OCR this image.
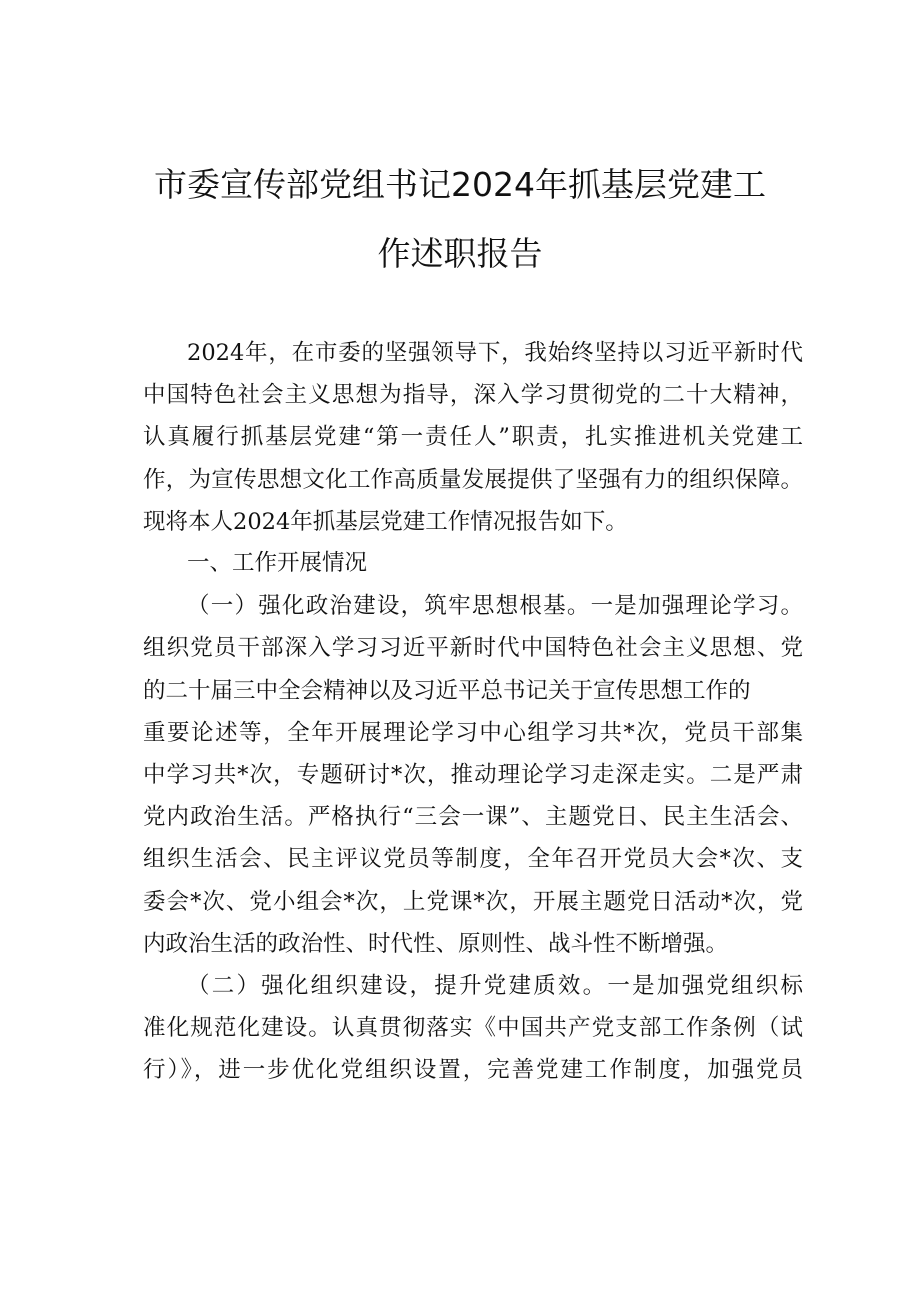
市委宣传部党组书记2024年抓基层党建工
作述职报告
2024年，在市委的坚强领导下，我始终坚持以习近平新时代
中国特色社会主义思想为指导，深入学习贯彻党的二十大精神，
认真履行抓基层党建“第一责任人”职责，扎实推进机关党建工
作，为宣传思想文化工作高质量发展提供了坚强有力的组织保障。
现将本人2024年抓基层党建工作情况报告如下。
一、工作开展情况
（一）强化政治建设，筑牢思想根基。一是加强理论学习。
组织党员干部深入学习习近平新时代中国特色社会主义思想、党
的二十届三中全会精神以及习近平总书记关于宣传思想工作的
重要论述等，全年开展理论学习中心组学习共*次，党员干部集
中学习共*次，专题研讨*次，推动理论学习走深走实。二是严肃
党内政治生活。严格执行“三会一课”、主题党日、民主生活会、
组织生活会、民主评议党员等制度，全年召开党员大会*次、支
委会*次、党小组会*次，上党课*次，开展主题党日活动*次，党
内政治生活的政治性、时代性、原则性、战斗性不断增强。
（二）强化组织建设，提升党建质效。一是加强党组织标
准化规范化建设。认真贯彻落实《中国共产党支部工作条例（试
行）》，进一步优化党组织设置，完善党建工作制度，加强党员
